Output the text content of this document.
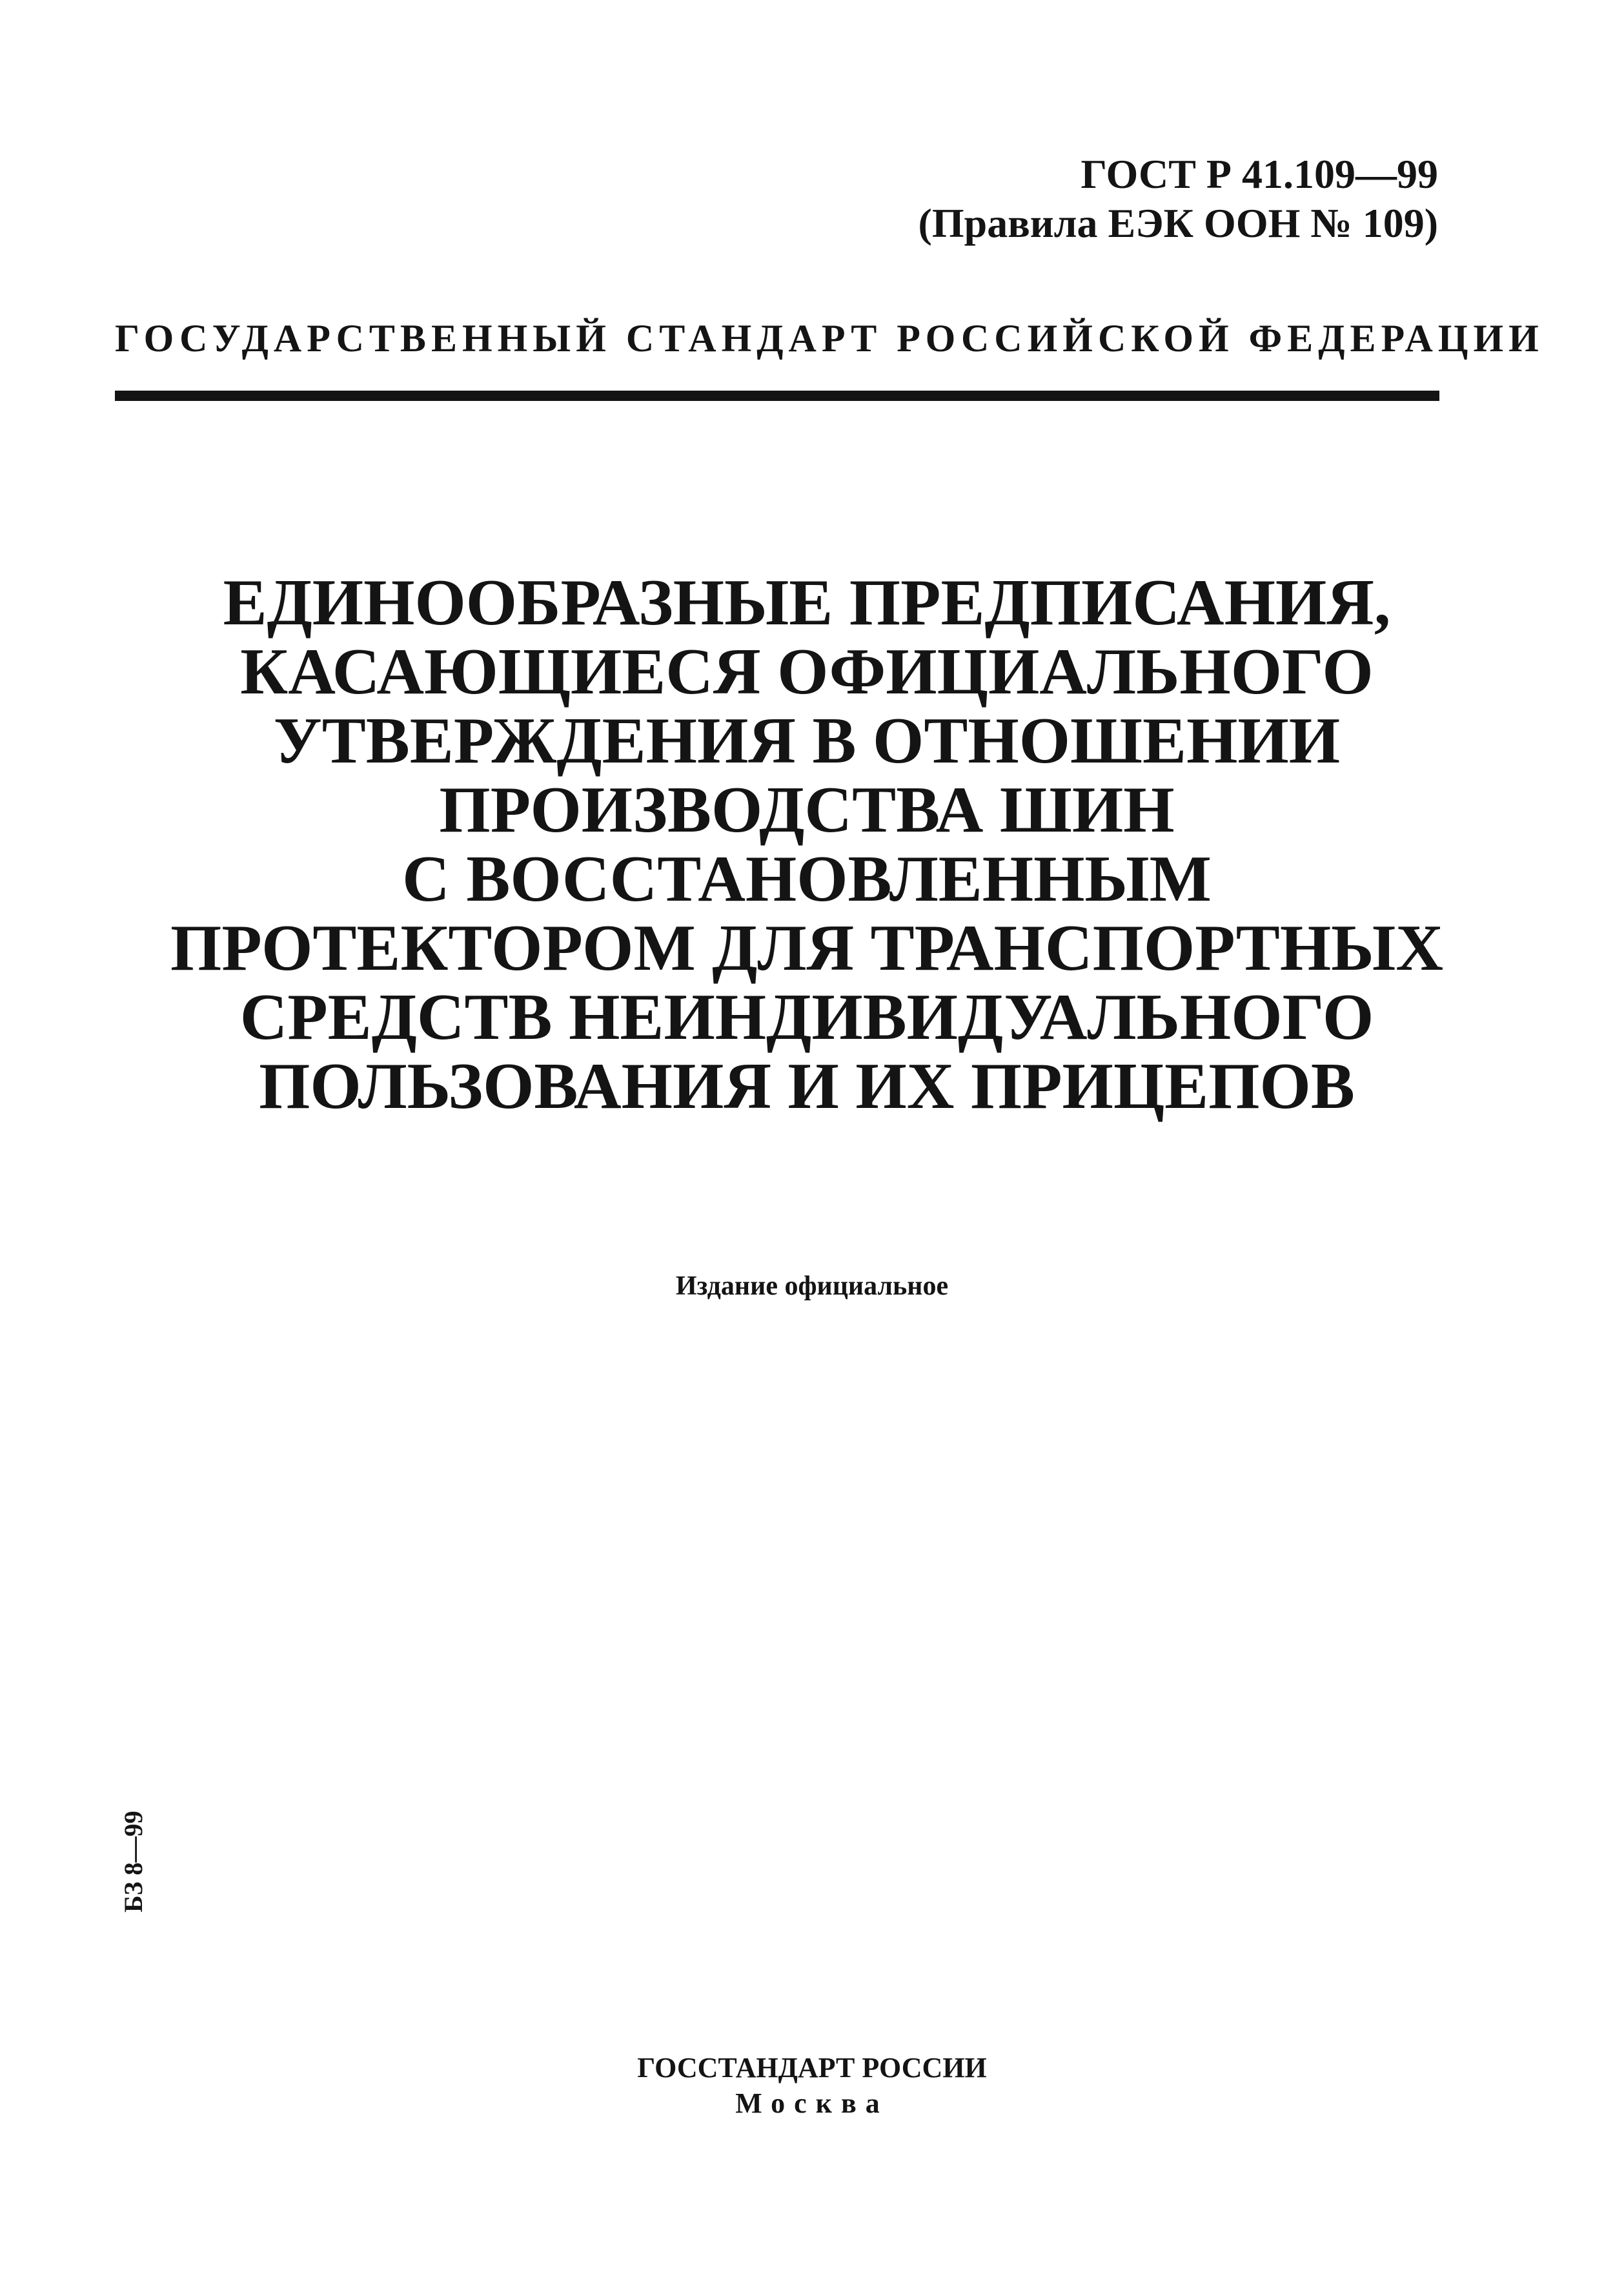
ГОСТ Р 41.109—99
(Правила ЕЭК ООН № 109)
ГОСУДАРСТВЕННЫЙ СТАНДАРТ РОССИЙСКОЙ ФЕДЕРАЦИИ
ЕДИНООБРАЗНЫЕ ПРЕДПИСАНИЯ,
КАСАЮЩИЕСЯ ОФИЦИАЛЬНОГО
УТВЕРЖДЕНИЯ В ОТНОШЕНИИ
ПРОИЗВОДСТВА ШИН
С ВОССТАНОВЛЕННЫМ
ПРОТЕКТОРОМ ДЛЯ ТРАНСПОРТНЫХ
СРЕДСТВ НЕИНДИВИДУАЛЬНОГО
ПОЛЬЗОВАНИЯ И ИХ ПРИЦЕПОВ
Издание официальное
БЗ 8—99
ГОССТАНДАРТ РОССИИ
Москва
